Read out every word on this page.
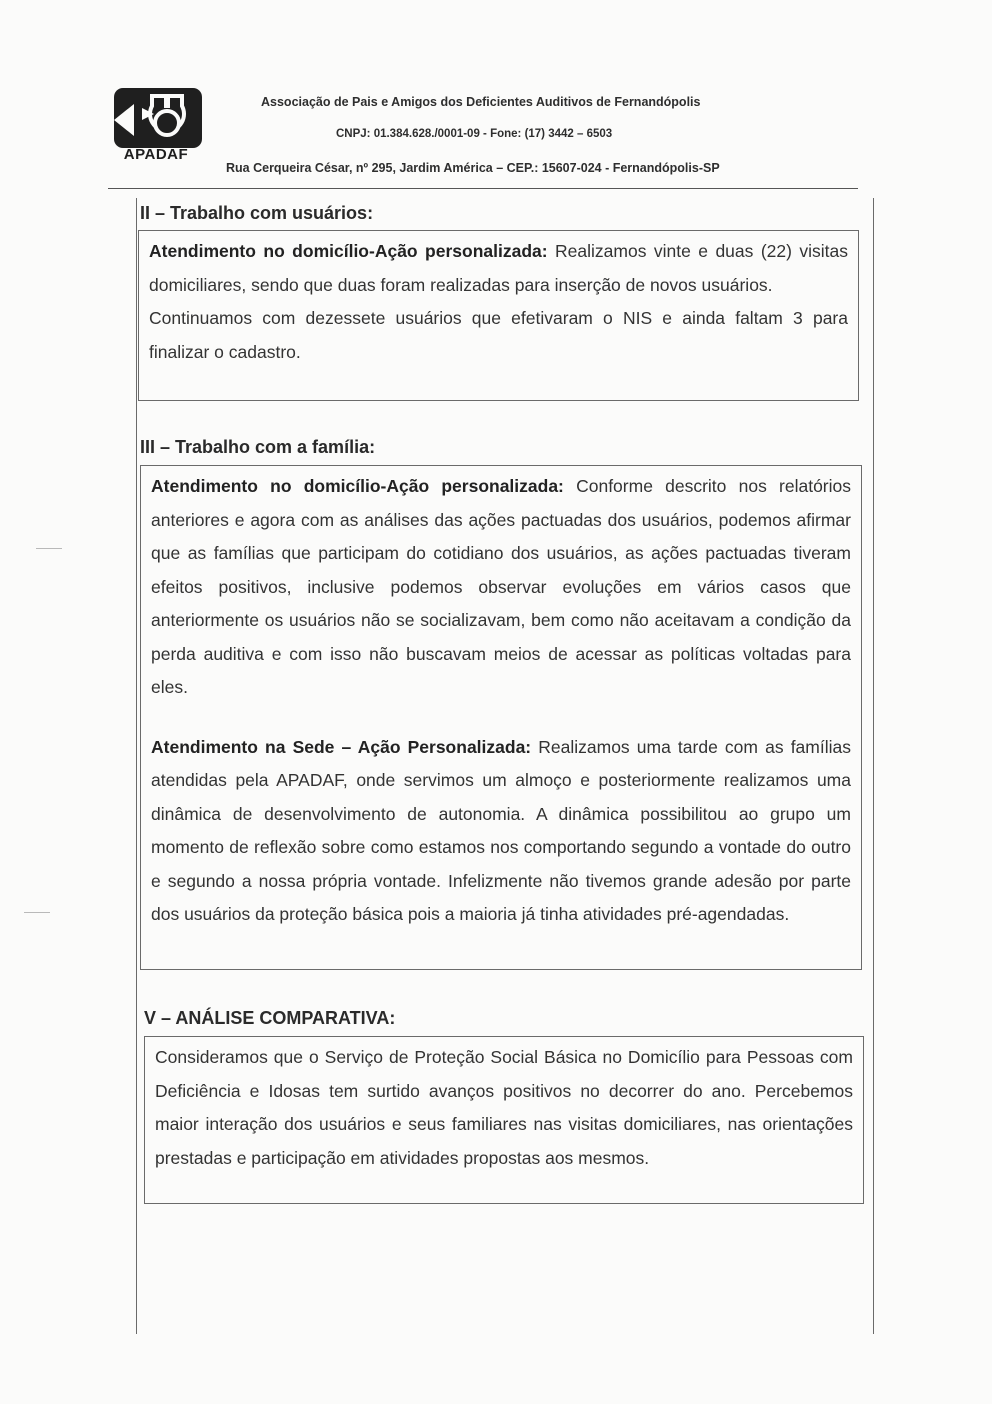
APADAF
Associação de Pais e Amigos dos Deficientes Auditivos de Fernandópolis
CNPJ: 01.384.628./0001-09 - Fone: (17) 3442 – 6503
Rua Cerqueira César, nº 295, Jardim América – CEP.: 15607-024 - Fernandópolis-SP
II – Trabalho com usuários:

Atendimento no domicílio-Ação personalizada: Realizamos vinte e duas (22) visitas domiciliares, sendo que duas foram realizadas para inserção de novos usuários.
Continuamos com dezessete usuários que efetivaram o NIS e ainda faltam 3 para finalizar o cadastro.

III – Trabalho com a família:

Atendimento no domicílio-Ação personalizada: Conforme descrito nos relatórios anteriores e agora com as análises das ações pactuadas dos usuários, podemos afirmar que as famílias que participam do cotidiano dos usuários, as ações pactuadas tiveram efeitos positivos, inclusive podemos observar evoluções em vários casos que anteriormente os usuários não se socializavam, bem como não aceitavam a condição da perda auditiva e com isso não buscavam meios de acessar as políticas voltadas para eles.

Atendimento na Sede – Ação Personalizada: Realizamos uma tarde com as famílias atendidas pela APADAF, onde servimos um almoço e posteriormente realizamos uma dinâmica de desenvolvimento de autonomia. A dinâmica possibilitou ao grupo um momento de reflexão sobre como estamos nos comportando segundo a vontade do outro e segundo a nossa própria vontade. Infelizmente não tivemos grande adesão por parte dos usuários da proteção básica pois a maioria já tinha atividades pré-agendadas.

V – ANÁLISE COMPARATIVA:

Consideramos que o Serviço de Proteção Social Básica no Domicílio para Pessoas com Deficiência e Idosas tem surtido avanços positivos no decorrer do ano. Percebemos maior interação dos usuários e seus familiares nas visitas domiciliares, nas orientações prestadas e participação em atividades propostas aos mesmos.
